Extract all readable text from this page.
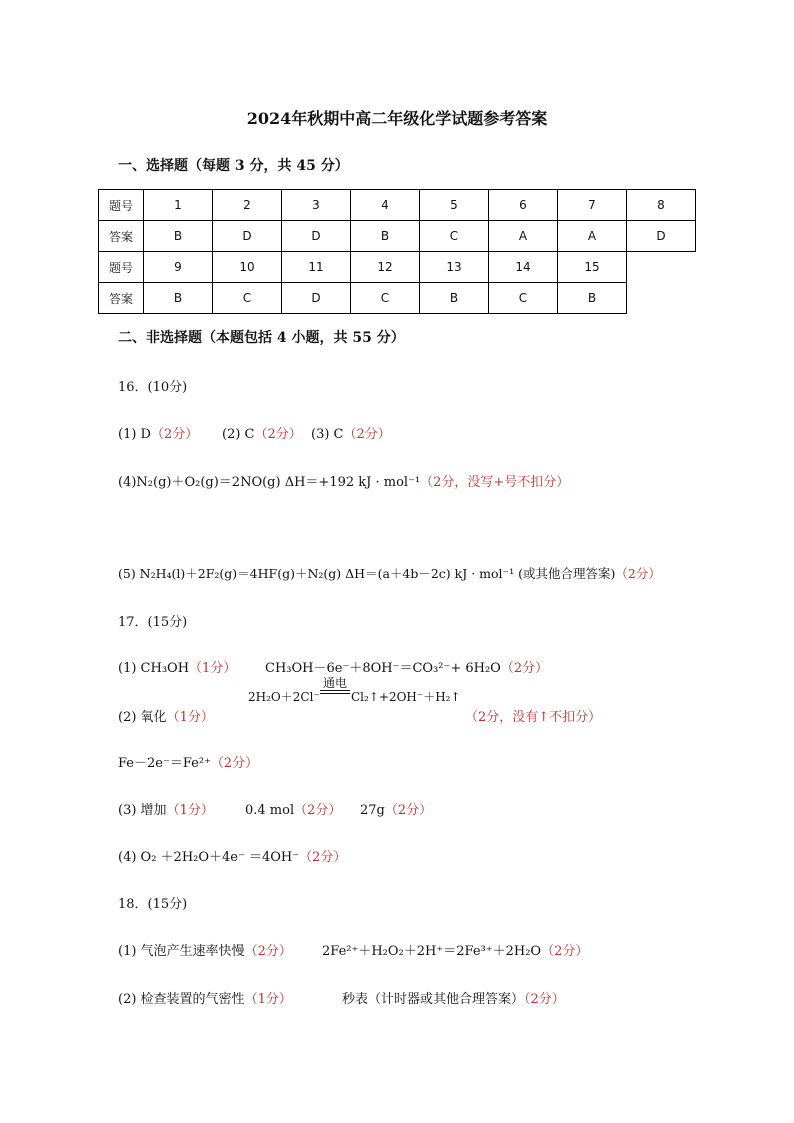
2024年秋期中高二年级化学试题参考答案
一、选择题（每题 3 分，共 45 分）
题号	1	2	3	4	5	6	7	8
答案	B	D	D	B	C	A	A	D
题号	9	10	11	12	13	14	15	
答案	B	C	D	C	B	C	B	
二、非选择题（本题包括 4 小题，共 55 分）
16．(10分)
(1) D（2分） (2) C（2分） (3) C（2分）
(4)N₂(g)＋O₂(g)＝2NO(g) ΔH＝+192 kJ · mol⁻¹（2分，没写+号不扣分）
(5) N₂H₄(l)＋2F₂(g)＝4HF(g)＋N₂(g) ΔH＝(a＋4b－2c) kJ · mol⁻¹ (或其他合理答案)（2分）
17．(15分)
(1) CH₃OH（1分） CH₃OH－6e⁻＋8OH⁻＝CO₃²⁻+ 6H₂O（2分）
2H₂O＋2Cl⁻
通电
Cl₂↑+2OH⁻＋H₂↑
(2) 氧化（1分）	（2分，没有↑不扣分）
Fe－2e⁻＝Fe²⁺（2分）
(3) 增加（1分） 0.4 mol（2分） 27g（2分）
(4) O₂ ＋2H₂O＋4e⁻ ＝4OH⁻（2分）
18．(15分)
(1) 气泡产生速率快慢（2分） 2Fe²⁺＋H₂O₂＋2H⁺＝2Fe³⁺＋2H₂O（2分）
(2) 检查装置的气密性（1分）	秒表（计时器或其他合理答案）（2分）
